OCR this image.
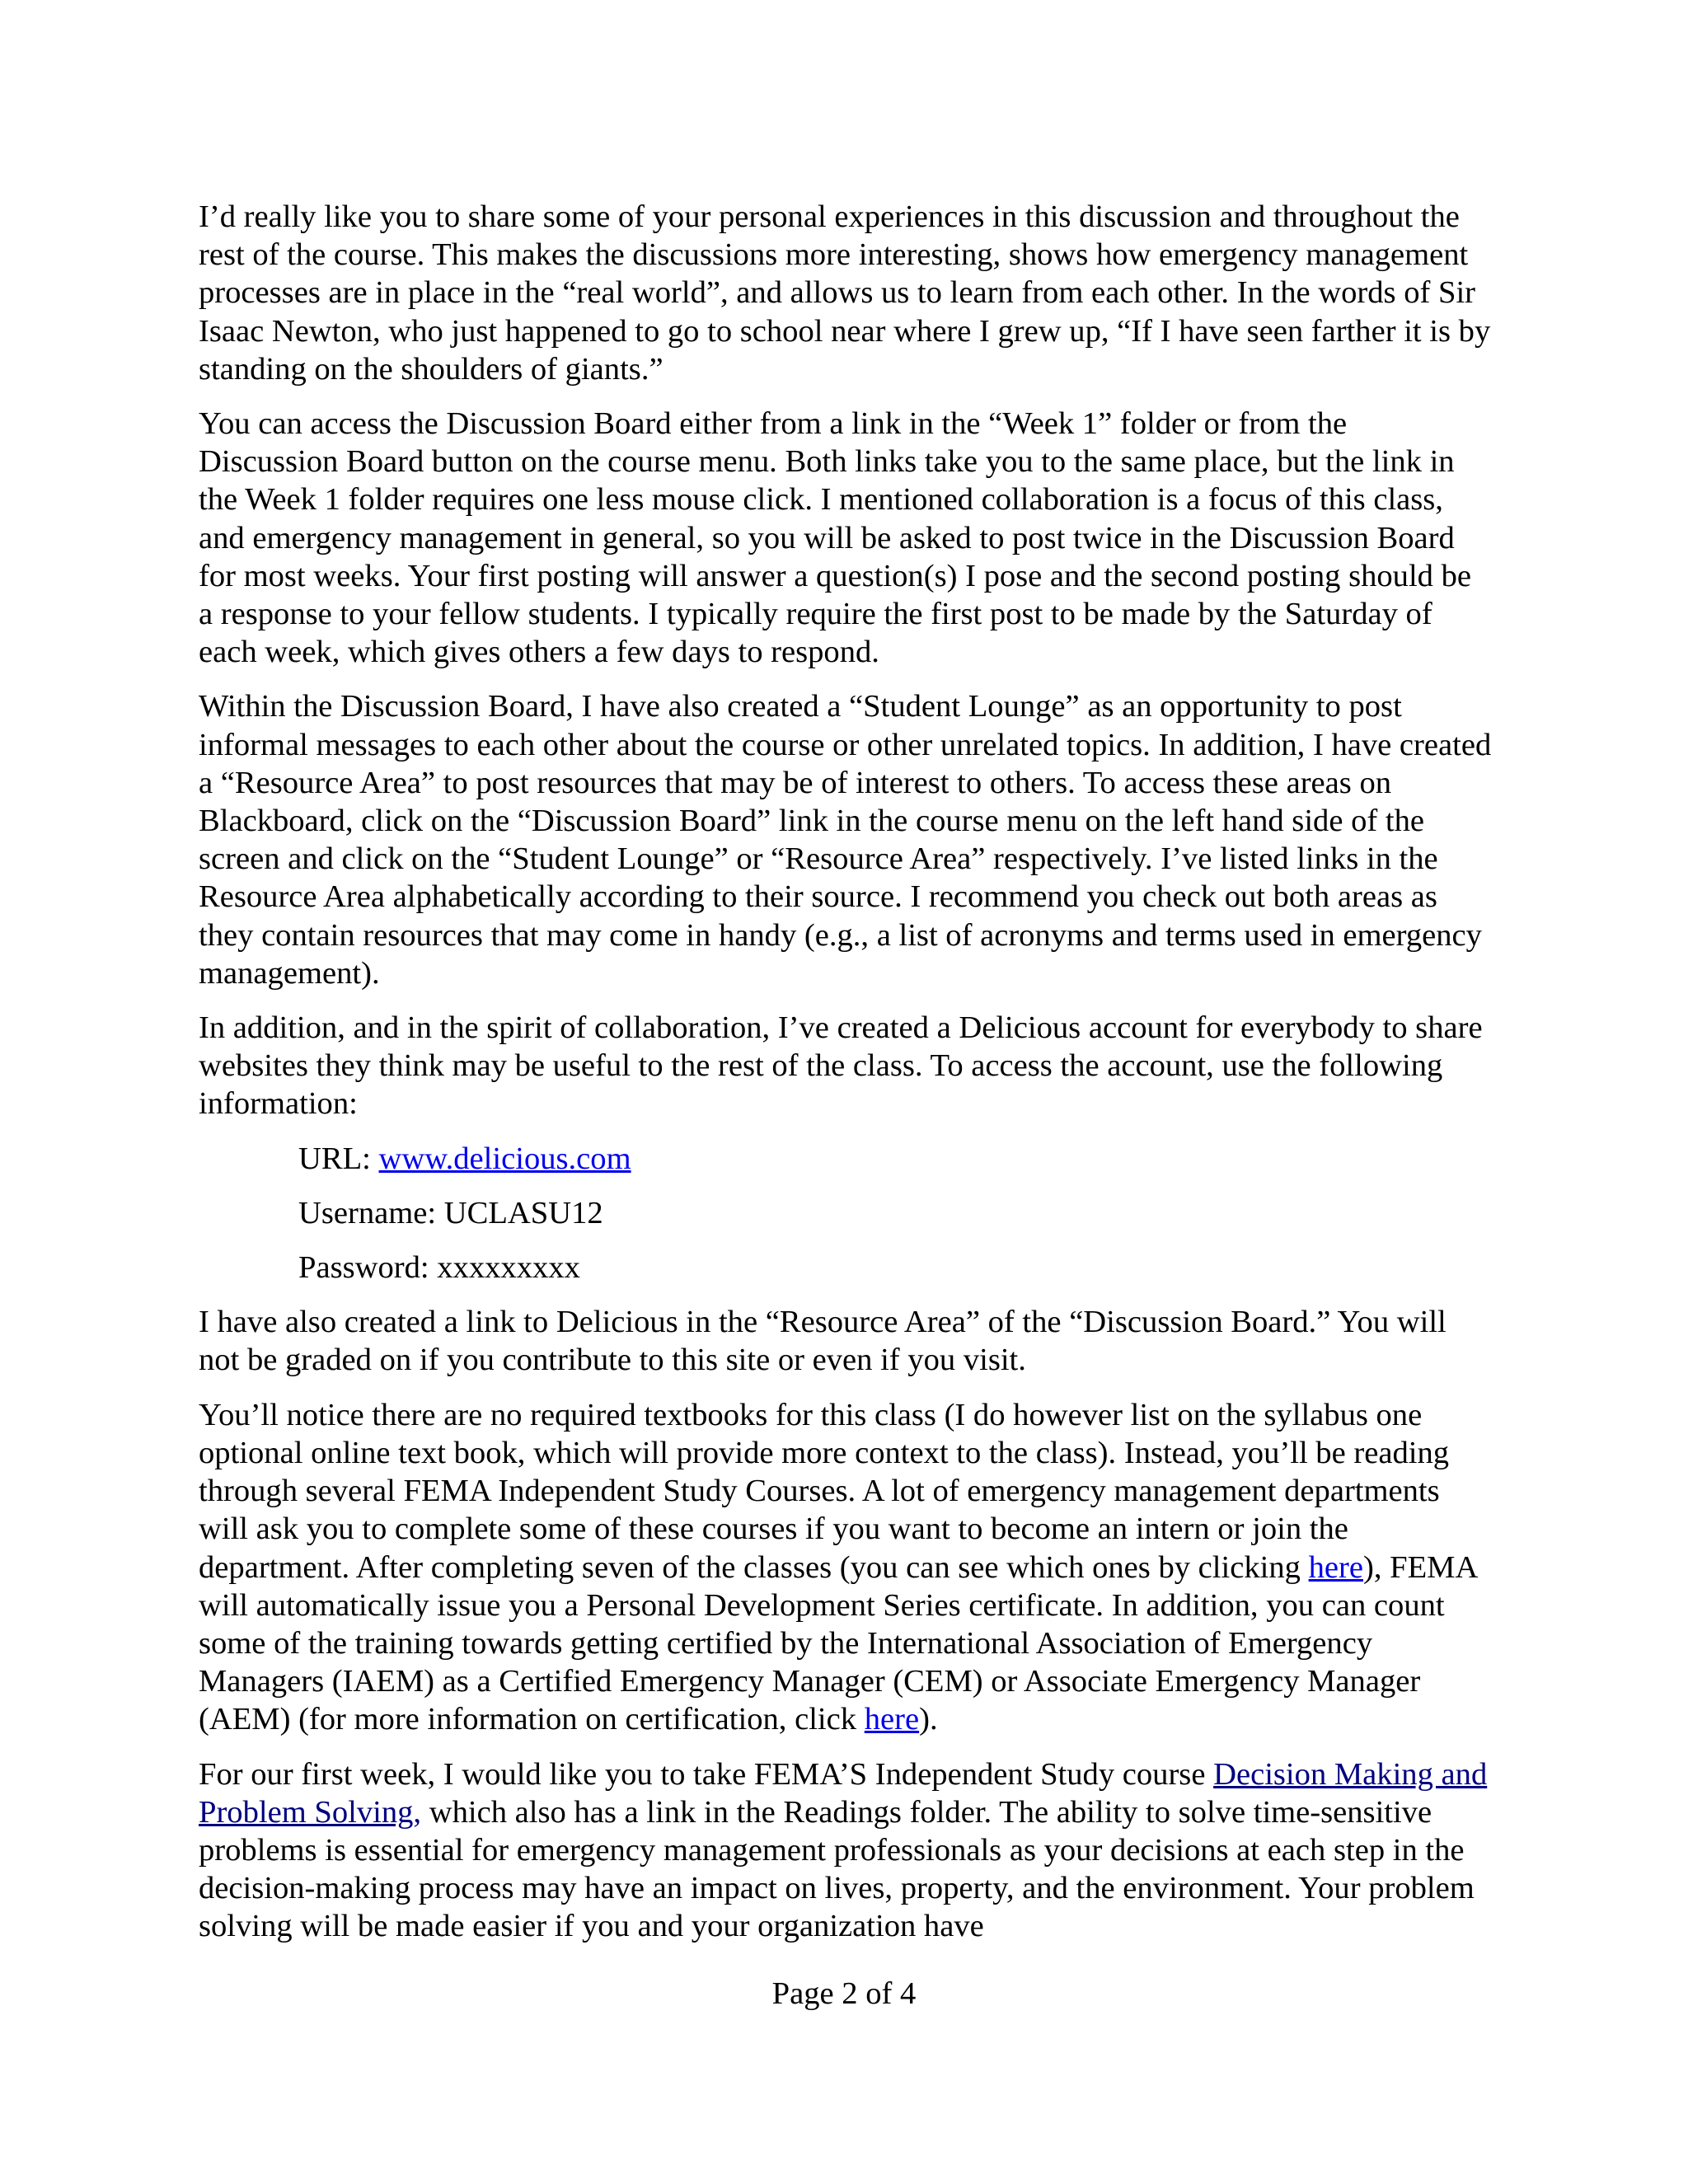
I’d really like you to share some of your personal experiences in this discussion and throughout the rest of the course. This makes the discussions more interesting, shows how emergency management processes are in place in the “real world”, and allows us to learn from each other. In the words of Sir Isaac Newton, who just happened to go to school near where I grew up, “If I have seen farther it is by standing on the shoulders of giants.”

You can access the Discussion Board either from a link in the “Week 1” folder or from the Discussion Board button on the course menu. Both links take you to the same place, but the link in the Week 1 folder requires one less mouse click. I mentioned collaboration is a focus of this class, and emergency management in general, so you will be asked to post twice in the Discussion Board for most weeks. Your first posting will answer a question(s) I pose and the second posting should be a response to your fellow students. I typically require the first post to be made by the Saturday of each week, which gives others a few days to respond.

Within the Discussion Board, I have also created a “Student Lounge” as an opportunity to post informal messages to each other about the course or other unrelated topics. In addition, I have created a “Resource Area” to post resources that may be of interest to others. To access these areas on Blackboard, click on the “Discussion Board” link in the course menu on the left hand side of the screen and click on the “Student Lounge” or “Resource Area” respectively. I’ve listed links in the Resource Area alphabetically according to their source. I recommend you check out both areas as they contain resources that may come in handy (e.g., a list of acronyms and terms used in emergency management).

In addition, and in the spirit of collaboration, I’ve created a Delicious account for everybody to share websites they think may be useful to the rest of the class. To access the account, use the following information:

URL: www.delicious.com

Username: UCLASU12

Password: xxxxxxxxx

I have also created a link to Delicious in the “Resource Area” of the “Discussion Board.” You will not be graded on if you contribute to this site or even if you visit.

You’ll notice there are no required textbooks for this class (I do however list on the syllabus one optional online text book, which will provide more context to the class). Instead, you’ll be reading through several FEMA Independent Study Courses. A lot of emergency management departments will ask you to complete some of these courses if you want to become an intern or join the department. After completing seven of the classes (you can see which ones by clicking here), FEMA will automatically issue you a Personal Development Series certificate. In addition, you can count some of the training towards getting certified by the International Association of Emergency Managers (IAEM) as a Certified Emergency Manager (CEM) or Associate Emergency Manager (AEM) (for more information on certification, click here).

For our first week, I would like you to take FEMA’S Independent Study course Decision Making and Problem Solving, which also has a link in the Readings folder. The ability to solve time-sensitive problems is essential for emergency management professionals as your decisions at each step in the decision-making process may have an impact on lives, property, and the environment. Your problem solving will be made easier if you and your organization have

Page 2 of 4
